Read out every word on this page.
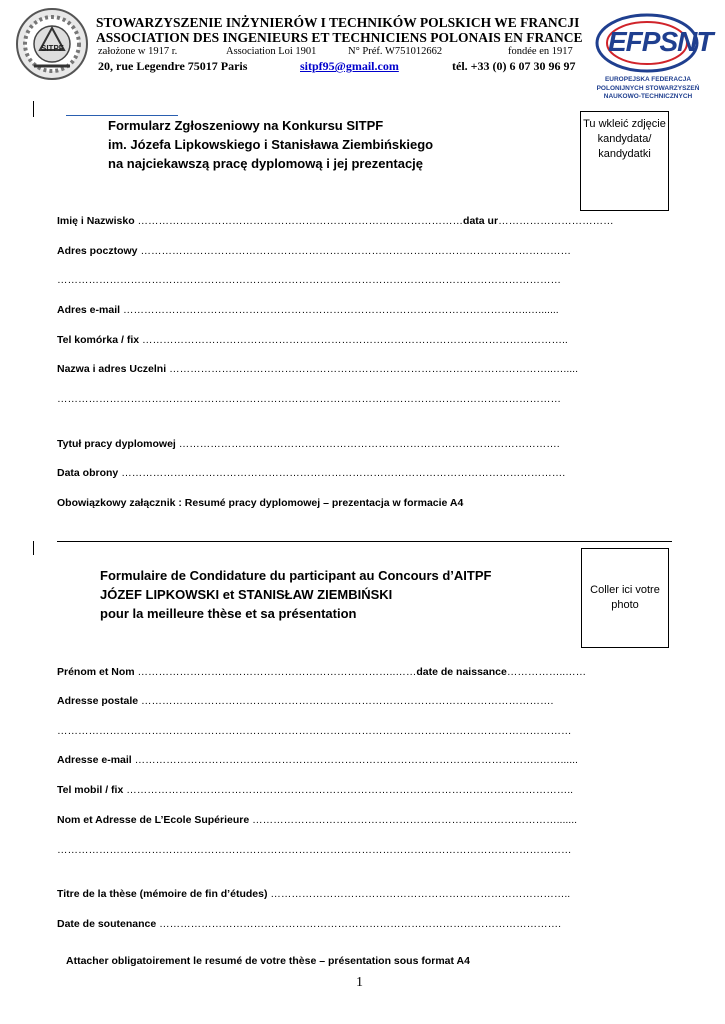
SITPF
STOWARZYSZENIE INŻYNIERÓW I TECHNIKÓW POLSKICH WE FRANCJI
ASSOCIATION DES INGENIEURS ET TECHNICIENS POLONAIS EN FRANCE
założone w 1917 r.	Association Loi 1901	N° Préf. W751012662	fondée en 1917
20, rue Legendre 75017 Paris	sitpf95@gmail.com	tél. +33 (0) 6 07 30 96 97
EFPSNT
EUROPEJSKA FEDERACJA
POLONIJNYCH STOWARZYSZEŃ
NAUKOWO-TECHNICZNYCH
Formularz Zgłoszeniowy na Konkursu SITPF
im. Józefa Lipkowskiego i Stanisława Ziembińskiego
na najciekawszą pracę dyplomową i jej prezentację
Tu wkleić zdjęcie
kandydata/
kandydatki
Imię i Nazwisko …………………………………………………………………………………data ur……………………………
Adres pocztowy ……………………………………………………………………………………………………………
………………………………………………………………………………………………………………………………
Adres e-mail ……………………………………………………………………………………………………..….......
Tel komórka / fix …………………………………………………………………………………………………………..
Nazwa i adres Uczelni ………………………………………………………………………………………………..….....
………………………………………………………………………………………………………………………………
Tytuł pracy dyplomowej ……………………………………………………………………………………………….
Data obrony ……………………………………………………………………………………………………………….
Obowiązkowy załącznik : Resumé pracy dyplomowej – prezentacja w formacie A4
Formulaire de Condidature du participant au Concours d’AITPF
JÓZEF LIPKOWSKI et STANISŁAW ZIEMBIŃSKI
pour la meilleure thèse et sa présentation
Coller ici votre
photo
Prénom et Nom ………………………………………………………………..……date de naissance……………..……
Adresse postale ……………………………………………………………………………………………………….
…………………………………………………………………………………………………………………………………
Adresse e-mail ……………………………………………………………………………………………………..……......
Tel mobil / fix ………………………………………………………………………………………………………………..
Nom et Adresse de L’Ecole Supérieure …………………………………………………………………………….......
…………………………………………………………………………………………………………………………………
Titre de la thèse (mémoire de fin d’études) …………………………………………………………………………..
Date de soutenance …………………………………………………………………………………………………….
Attacher obligatoirement le resumé de votre thèse – présentation sous format A4
1
